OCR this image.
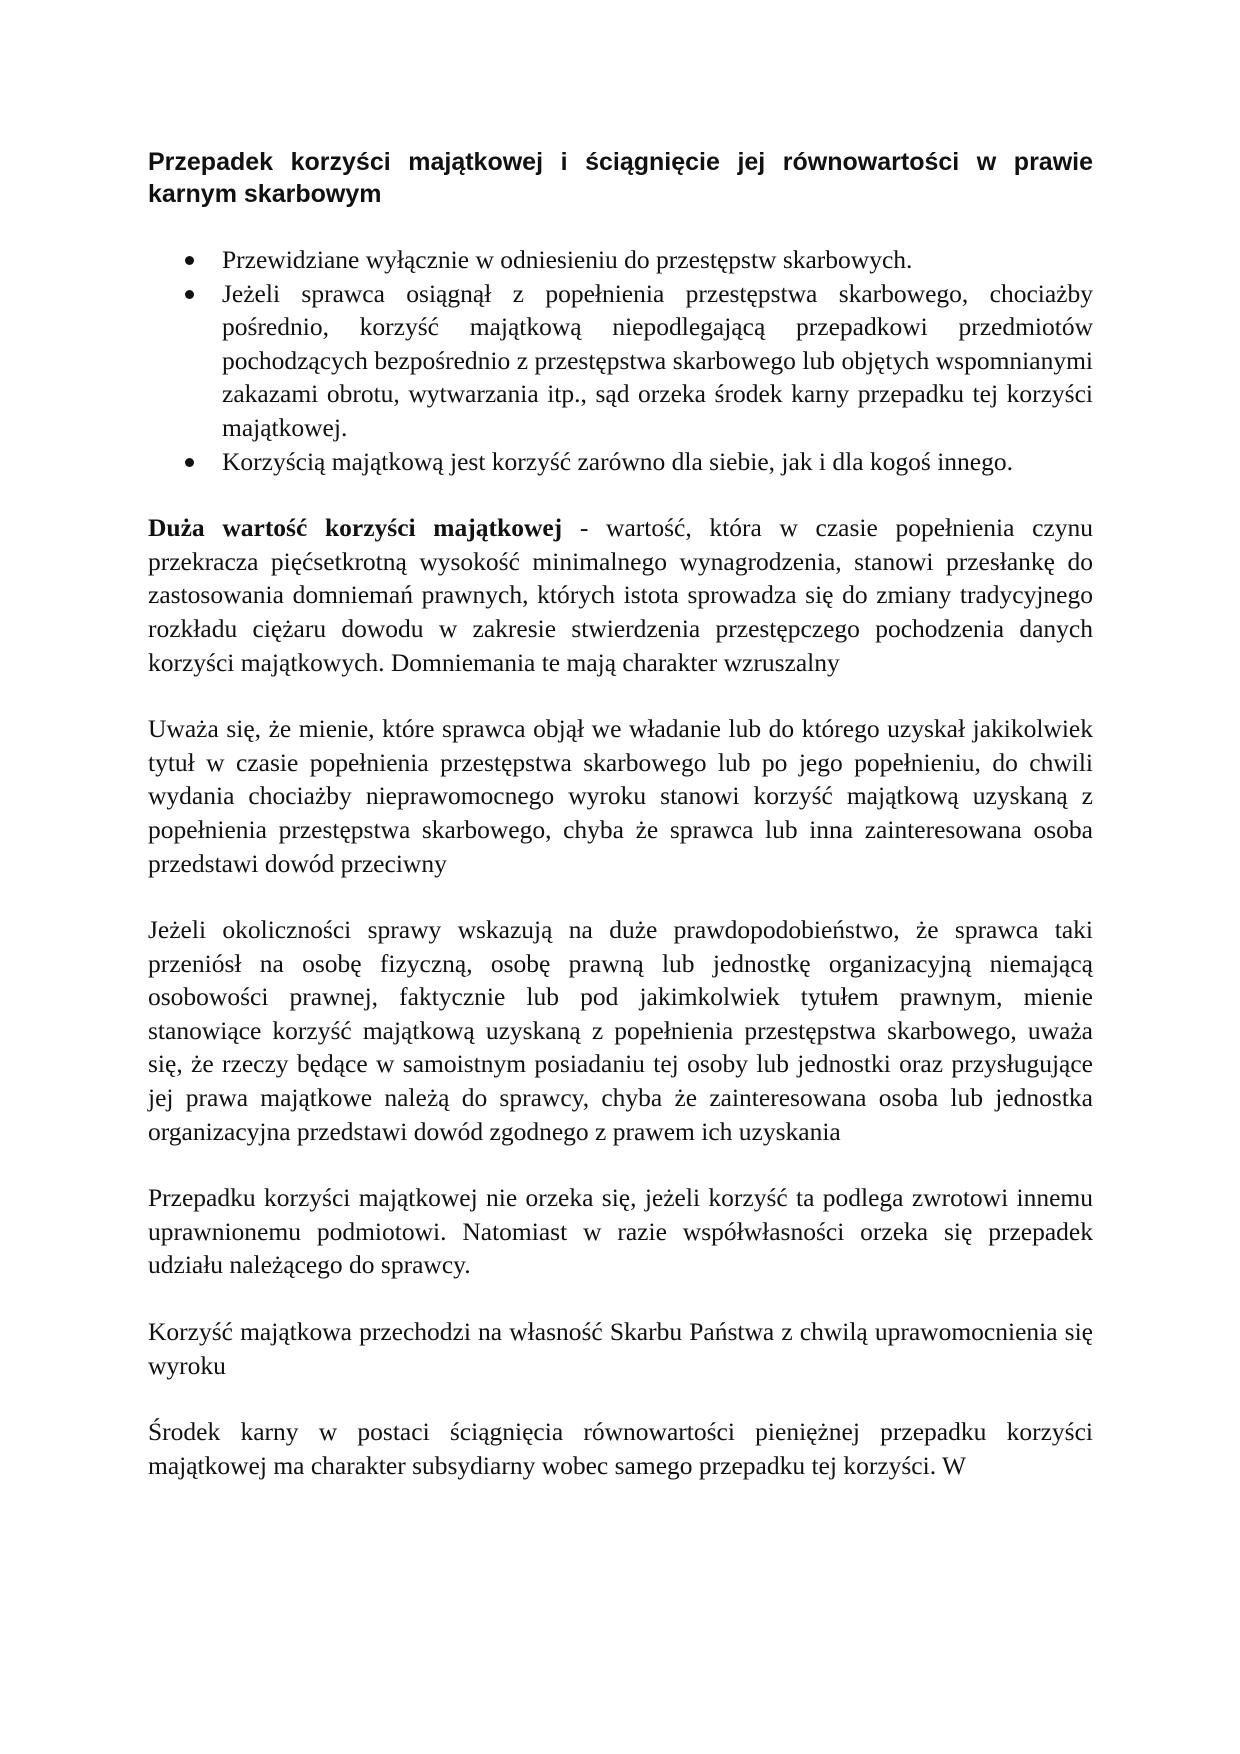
Przepadek korzyści majątkowej i ściągnięcie jej równowartości w prawie karnym skarbowym
Przewidziane wyłącznie w odniesieniu do przestępstw skarbowych.
Jeżeli sprawca osiągnął z popełnienia przestępstwa skarbowego, chociażby pośrednio, korzyść majątkową niepodlegającą przepadkowi przedmiotów pochodzących bezpośrednio z przestępstwa skarbowego lub objętych wspomnianymi zakazami obrotu, wytwarzania itp., sąd orzeka środek karny przepadku tej korzyści majątkowej.
Korzyścią majątkową jest korzyść zarówno dla siebie, jak i dla kogoś innego.

Duża wartość korzyści majątkowej - wartość, która w czasie popełnienia czynu przekracza pięćsetkrotną wysokość minimalnego wynagrodzenia, stanowi przesłankę do zastosowania domniemań prawnych, których istota sprowadza się do zmiany tradycyjnego rozkładu ciężaru dowodu w zakresie stwierdzenia przestępczego pochodzenia danych korzyści majątkowych. Domniemania te mają charakter wzruszalny

Uważa się, że mienie, które sprawca objął we władanie lub do którego uzyskał jakikolwiek tytuł w czasie popełnienia przestępstwa skarbowego lub po jego popełnieniu, do chwili wydania chociażby nieprawomocnego wyroku stanowi korzyść majątkową uzyskaną z popełnienia przestępstwa skarbowego, chyba że sprawca lub inna zainteresowana osoba przedstawi dowód przeciwny

Jeżeli okoliczności sprawy wskazują na duże prawdopodobieństwo, że sprawca taki przeniósł na osobę fizyczną, osobę prawną lub jednostkę organizacyjną niemającą osobowości prawnej, faktycznie lub pod jakimkolwiek tytułem prawnym, mienie stanowiące korzyść majątkową uzyskaną z popełnienia przestępstwa skarbowego, uważa się, że rzeczy będące w samoistnym posiadaniu tej osoby lub jednostki oraz przysługujące jej prawa majątkowe należą do sprawcy, chyba że zainteresowana osoba lub jednostka organizacyjna przedstawi dowód zgodnego z prawem ich uzyskania

Przepadku korzyści majątkowej nie orzeka się, jeżeli korzyść ta podlega zwrotowi innemu uprawnionemu podmiotowi. Natomiast w razie współwłasności orzeka się przepadek udziału należącego do sprawcy.

Korzyść majątkowa przechodzi na własność Skarbu Państwa z chwilą uprawomocnienia się wyroku

Środek karny w postaci ściągnięcia równowartości pieniężnej przepadku korzyści majątkowej ma charakter subsydiarny wobec samego przepadku tej korzyści. W
